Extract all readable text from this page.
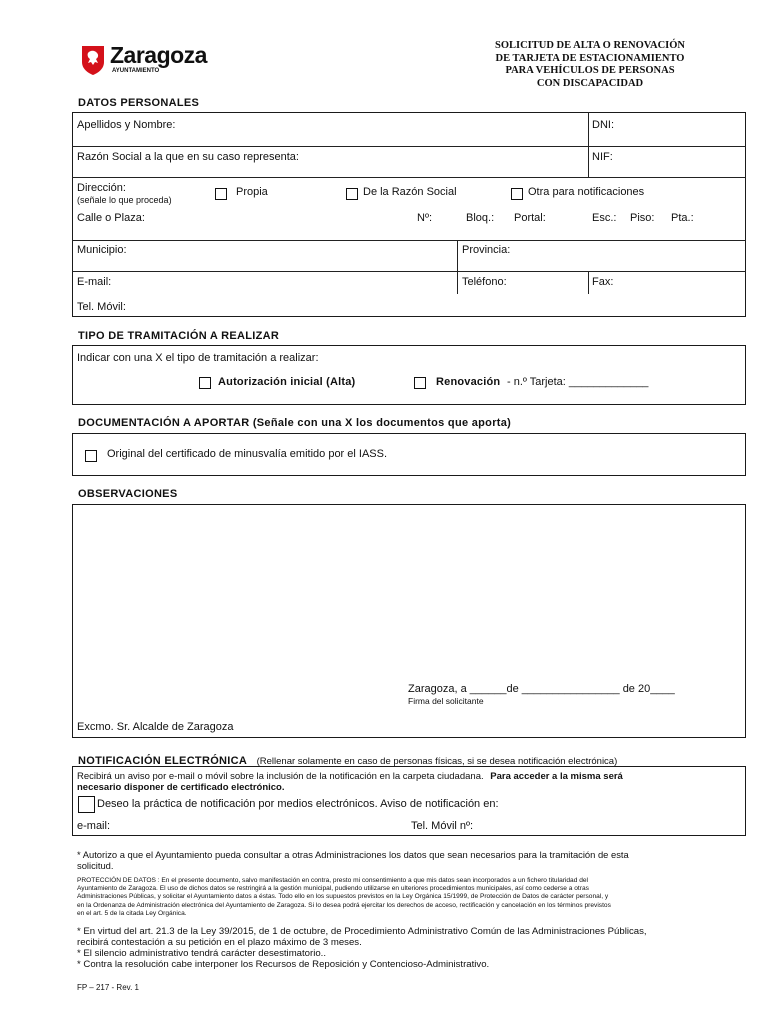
Zaragoza
AYUNTAMIENTO
SOLICITUD DE ALTA O RENOVACIÓN
DE TARJETA DE ESTACIONAMIENTO
PARA VEHÍCULOS DE PERSONAS
CON DISCAPACIDAD
DATOS PERSONALES
Apellidos y Nombre:	DNI:
Razón Social a la que en su caso representa:	NIF:
Dirección:
(señale lo que proceda)
Propia	De la Razón Social	Otra para notificaciones
Calle o Plaza:	Nº:	Bloq.: Portal:	Esc.: Piso: Pta.:
Municipio:	Provincia:
E-mail:	Teléfono:	Fax:
Tel. Móvil:
TIPO DE TRAMITACIÓN A REALIZAR
Indicar con una X el tipo de tramitación a realizar:
Autorización inicial (Alta)	Renovación - n.º Tarjeta: _____________
DOCUMENTACIÓN A APORTAR (Señale con una X los documentos que aporta)
Original del certificado de minusvalía emitido por el IASS.
OBSERVACIONES
Zaragoza, a ______de ________________ de 20____
Firma del solicitante
Excmo. Sr. Alcalde de Zaragoza
NOTIFICACIÓN ELECTRÓNICA (Rellenar solamente en caso de personas físicas, si se desea notificación electrónica)
Recibirá un aviso por e-mail o móvil sobre la inclusión de la notificación en la carpeta ciudadana. Para acceder a la misma será
necesario disponer de certificado electrónico.
Deseo la práctica de notificación por medios electrónicos. Aviso de notificación en:
e-mail:	Tel. Móvil nº:
* Autorizo a que el Ayuntamiento pueda consultar a otras Administraciones los datos que sean necesarios para la tramitación de esta
solicitud.
PROTECCIÓN DE DATOS : En el presente documento, salvo manifestación en contra, presto mi consentimiento a que mis datos sean incorporados a un fichero titularidad del
Ayuntamiento de Zaragoza. El uso de dichos datos se restringirá a la gestión municipal, pudiendo utilizarse en ulteriores procedimientos municipales, así como cederse a otras
Administraciones Públicas, y solicitar el Ayuntamiento datos a éstas. Todo ello en los supuestos previstos en la Ley Orgánica 15/1999, de Protección de Datos de carácter personal, y
en la Ordenanza de Administración electrónica del Ayuntamiento de Zaragoza. Si lo desea podrá ejercitar los derechos de acceso, rectificación y cancelación en los términos previstos
en el art. 5 de la citada Ley Orgánica.
* En virtud del art. 21.3 de la Ley 39/2015, de 1 de octubre, de Procedimiento Administrativo Común de las Administraciones Públicas,
recibirá contestación a su petición en el plazo máximo de 3 meses.
* El silencio administrativo tendrá carácter desestimatorio..
* Contra la resolución cabe interponer los Recursos de Reposición y Contencioso-Administrativo.
FP – 217 - Rev. 1
